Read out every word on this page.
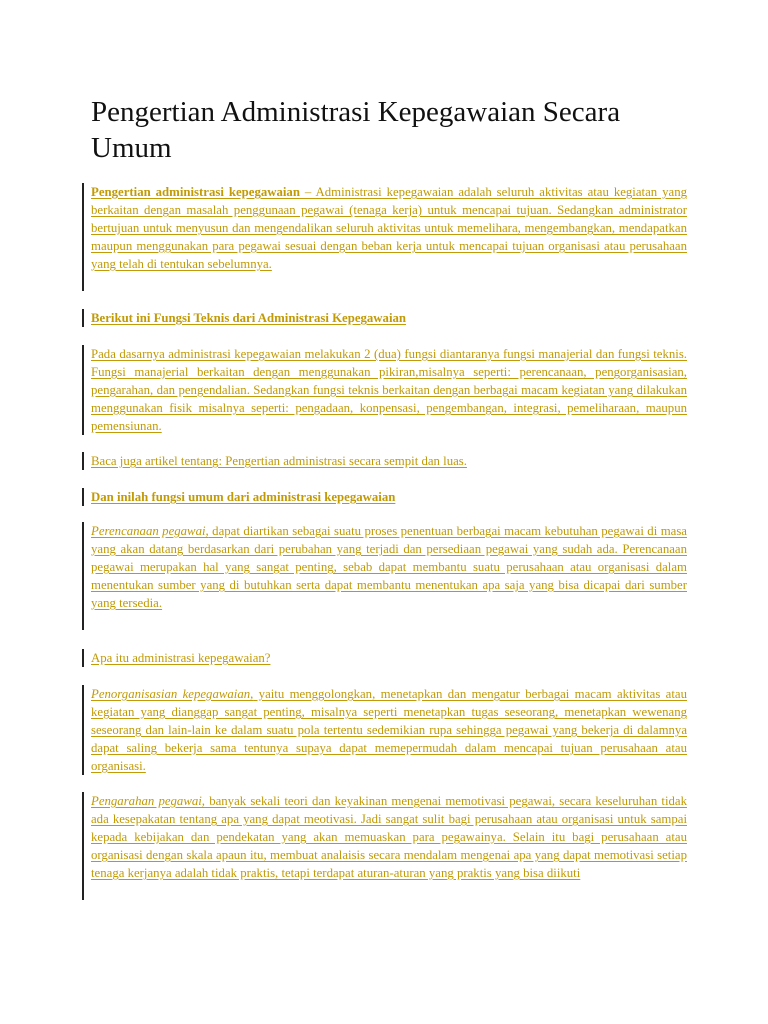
Pengertian Administrasi Kepegawaian Secara Umum

Pengertian administrasi kepegawaian – Administrasi kepegawaian adalah seluruh aktivitas atau kegiatan yang berkaitan dengan masalah penggunaan pegawai (tenaga kerja) untuk mencapai tujuan. Sedangkan administrator bertujuan untuk menyusun dan mengendalikan seluruh aktivitas untuk memelihara, mengembangkan, mendapatkan maupun menggunakan para pegawai sesuai dengan beban kerja untuk mencapai tujuan organisasi atau perusahaan yang telah di tentukan sebelumnya.

Berikut ini Fungsi Teknis dari Administrasi Kepegawaian

Pada dasarnya administrasi kepegawaian melakukan 2 (dua) fungsi diantaranya fungsi manajerial dan fungsi teknis. Fungsi manajerial berkaitan dengan menggunakan pikiran,misalnya seperti: perencanaan, pengorganisasian, pengarahan, dan pengendalian. Sedangkan fungsi teknis berkaitan dengan berbagai macam kegiatan yang dilakukan menggunakan fisik misalnya seperti: pengadaan, konpensasi, pengembangan, integrasi, pemeliharaan, maupun pemensiunan.

Baca juga artikel tentang: Pengertian administrasi secara sempit dan luas.

Dan inilah fungsi umum dari administrasi kepegawaian

Perencanaan pegawai, dapat diartikan sebagai suatu proses penentuan berbagai macam kebutuhan pegawai di masa yang akan datang berdasarkan dari perubahan yang terjadi dan persediaan pegawai yang sudah ada. Perencanaan pegawai merupakan hal yang sangat penting, sebab dapat membantu suatu perusahaan atau organisasi dalam menentukan sumber yang di butuhkan serta dapat membantu menentukan apa saja yang bisa dicapai dari sumber yang tersedia.

Apa itu administrasi kepegawaian?

Penorganisasian kepegawaian, yaitu menggolongkan, menetapkan dan mengatur berbagai macam aktivitas atau kegiatan yang dianggap sangat penting, misalnya seperti menetapkan tugas seseorang, menetapkan wewenang seseorang dan lain-lain ke dalam suatu pola tertentu sedemikian rupa sehingga pegawai yang bekerja di dalamnya dapat saling bekerja sama tentunya supaya dapat memepermudah dalam mencapai tujuan perusahaan atau organisasi.

Pengarahan pegawai, banyak sekali teori dan keyakinan mengenai memotivasi pegawai, secara keseluruhan tidak ada kesepakatan tentang apa yang dapat meotivasi. Jadi sangat sulit bagi perusahaan atau organisasi untuk sampai kepada kebijakan dan pendekatan yang akan memuaskan para pegawainya. Selain itu bagi perusahaan atau organisasi dengan skala apaun itu, membuat analaisis secara mendalam mengenai apa yang dapat memotivasi setiap tenaga kerjanya adalah tidak praktis, tetapi terdapat aturan-aturan yang praktis yang bisa diikuti
